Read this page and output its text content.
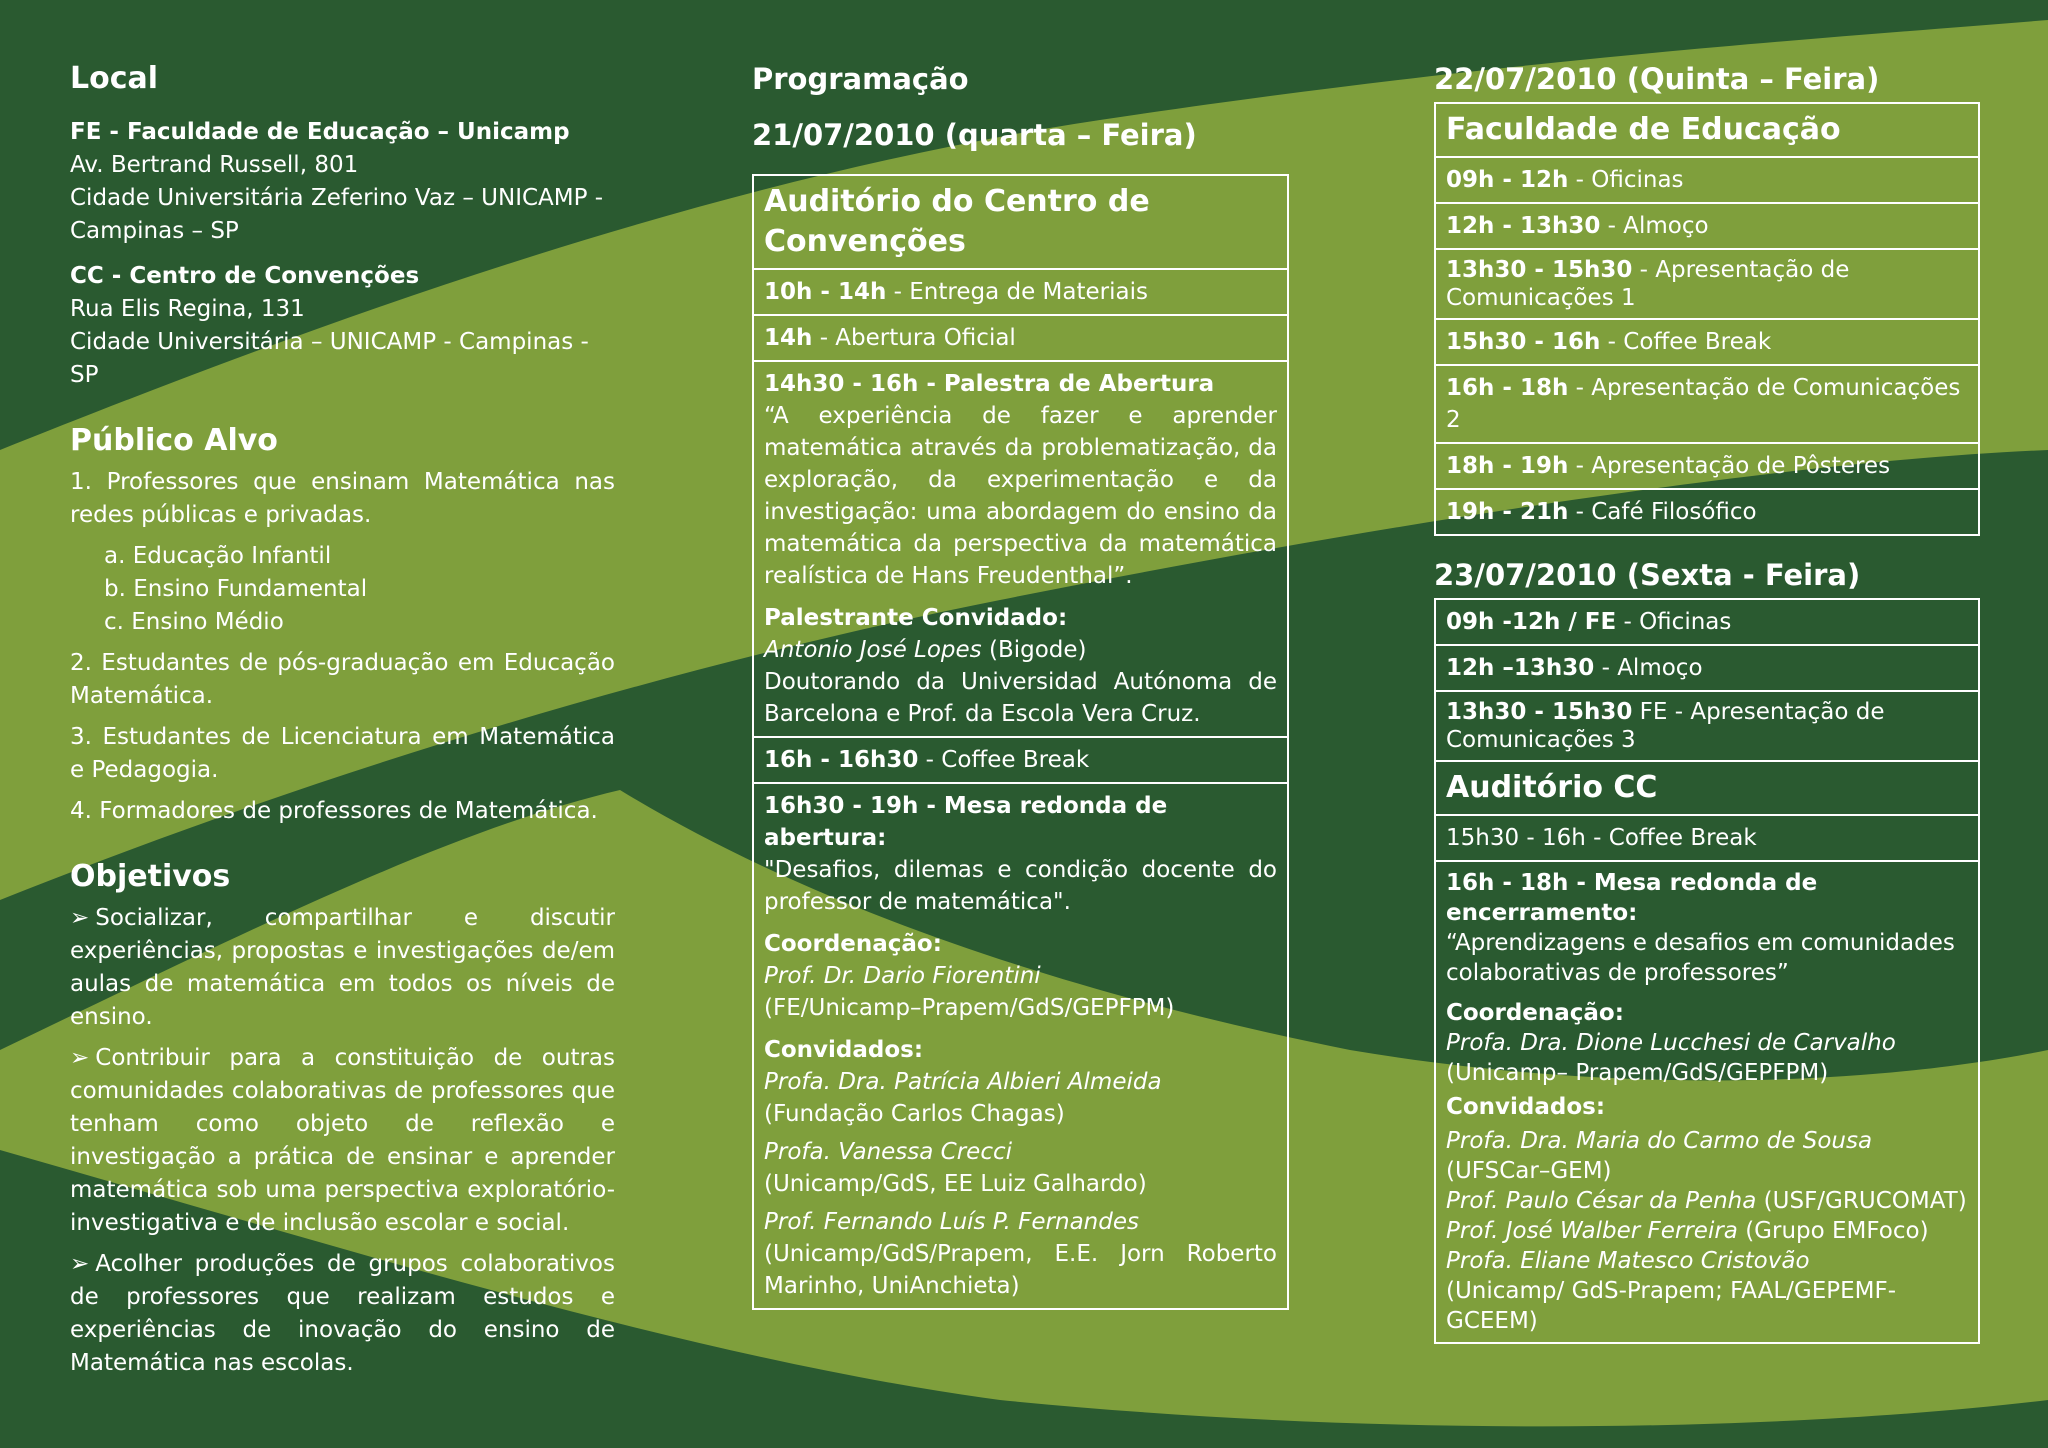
Local
FE - Faculdade de Educação – Unicamp
Av. Bertrand Russell, 801
Cidade Universitária Zeferino Vaz – UNICAMP - Campinas – SP
CC - Centro de Convenções
Rua Elis Regina, 131
Cidade Universitária – UNICAMP - Campinas - SP
Público Alvo

1. Professores que ensinam Matemática nas redes públicas e privadas.

a. Educação Infantil
b. Ensino Fundamental
c. Ensino Médio

2. Estudantes de pós-graduação em Educação Matemática.

3. Estudantes de Licenciatura em Matemática e Pedagogia.

4. Formadores de professores de Matemática.

Objetivos

➢ Socializar, compartilhar e discutir experiências, propostas e investigações de/em aulas de matemática em todos os níveis de ensino.

➢ Contribuir para a constituição de outras comunidades colaborativas de professores que tenham como objeto de reflexão e investigação a prática de ensinar e aprender matemática sob uma perspectiva exploratório-investigativa e de inclusão escolar e social.

➢ Acolher produções de grupos colaborativos de professores que realizam estudos e experiências de inovação do ensino de Matemática nas escolas.

Programação
21/07/2010 (quarta – Feira)
Auditório do Centro de Convenções
10h - 14h - Entrega de Materiais
14h - Abertura Oficial

14h30 - 16h - Palestra de Abertura

“A experiência de fazer e aprender matemática através da problematização, da exploração, da experimentação e da investigação: uma abordagem do ensino da matemática da perspectiva da matemática realística de Hans Freudenthal”.

Palestrante Convidado:

Antonio José Lopes (Bigode)

Doutorando da Universidad Autónoma de Barcelona e Prof. da Escola Vera Cruz.

16h - 16h30 - Coffee Break

16h30 - 19h - Mesa redonda de abertura:

"Desafios, dilemas e condição docente do professor de matemática".

Coordenação:

Prof. Dr. Dario Fiorentini

(FE/Unicamp–Prapem/GdS/GEPFPM)

Convidados:

Profa. Dra. Patrícia Albieri Almeida

(Fundação Carlos Chagas)

Profa. Vanessa Crecci

(Unicamp/GdS, EE Luiz Galhardo)

Prof. Fernando Luís P. Fernandes

(Unicamp/GdS/Prapem, E.E. Jorn Roberto Marinho, UniAnchieta)

22/07/2010 (Quinta – Feira)
Faculdade de Educação
09h - 12h - Oficinas
12h - 13h30 - Almoço
13h30 - 15h30 - Apresentação de Comunicações 1
15h30 - 16h - Coffee Break
16h - 18h - Apresentação de Comunicações 2
18h - 19h - Apresentação de Pôsteres
19h - 21h - Café Filosófico
23/07/2010 (Sexta - Feira)
09h -12h / FE - Oficinas
12h –13h30 - Almoço
13h30 - 15h30 FE - Apresentação de Comunicações 3
Auditório CC
15h30 - 16h - Coffee Break

16h - 18h - Mesa redonda de encerramento:

“Aprendizagens e desafios em comunidades colaborativas de professores”

Coordenação:

Profa. Dra. Dione Lucchesi de Carvalho

(Unicamp– Prapem/GdS/GEPFPM)

Convidados:

Profa. Dra. Maria do Carmo de Sousa (UFSCar–GEM)

Prof. Paulo César da Penha (USF/GRUCOMAT)

Prof. José Walber Ferreira (Grupo EMFoco)

Profa. Eliane Matesco Cristovão

(Unicamp/ GdS-Prapem; FAAL/GEPEMF-GCEEM)
